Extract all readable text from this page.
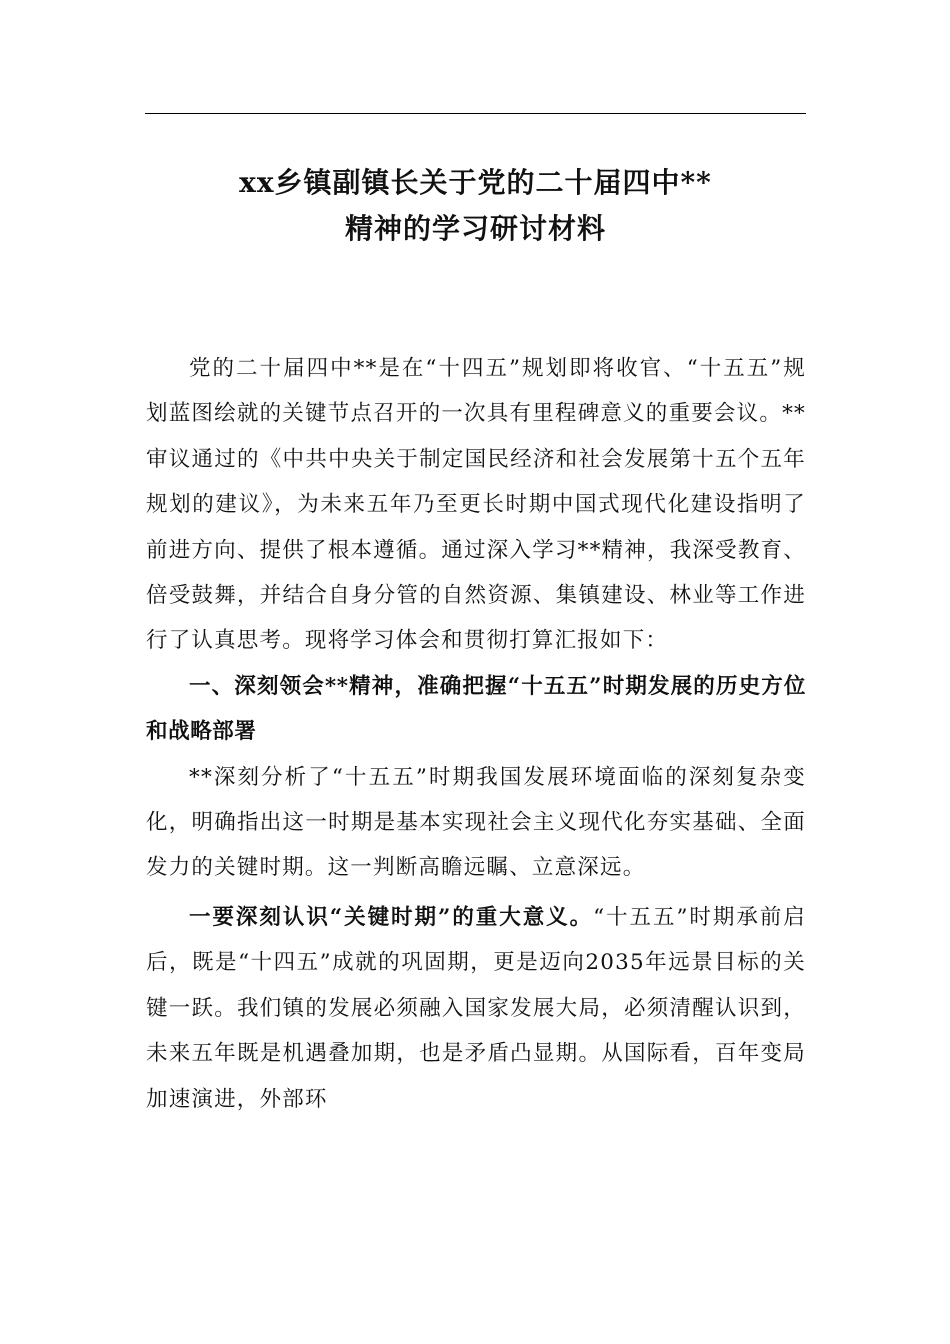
xx乡镇副镇长关于党的二十届四中**
精神的学习研讨材料

党的二十届四中**是在“十四五”规划即将收官、“十五五”规划蓝图绘就的关键节点召开的一次具有里程碑意义的重要会议。**审议通过的《中共中央关于制定国民经济和社会发展第十五个五年规划的建议》，为未来五年乃至更长时期中国式现代化建设指明了前进方向、提供了根本遵循。通过深入学习**精神，我深受教育、倍受鼓舞，并结合自身分管的自然资源、集镇建设、林业等工作进行了认真思考。现将学习体会和贯彻打算汇报如下：

一、深刻领会**精神，准确把握“十五五”时期发展的历史方位和战略部署

**深刻分析了“十五五”时期我国发展环境面临的深刻复杂变化，明确指出这一时期是基本实现社会主义现代化夯实基础、全面发力的关键时期。这一判断高瞻远瞩、立意深远。

一要深刻认识“关键时期”的重大意义。“十五五”时期承前启后，既是“十四五”成就的巩固期，更是迈向2035年远景目标的关键一跃。我们镇的发展必须融入国家发展大局，必须清醒认识到，未来五年既是机遇叠加期，也是矛盾凸显期。从国际看，百年变局加速演进，外部环
